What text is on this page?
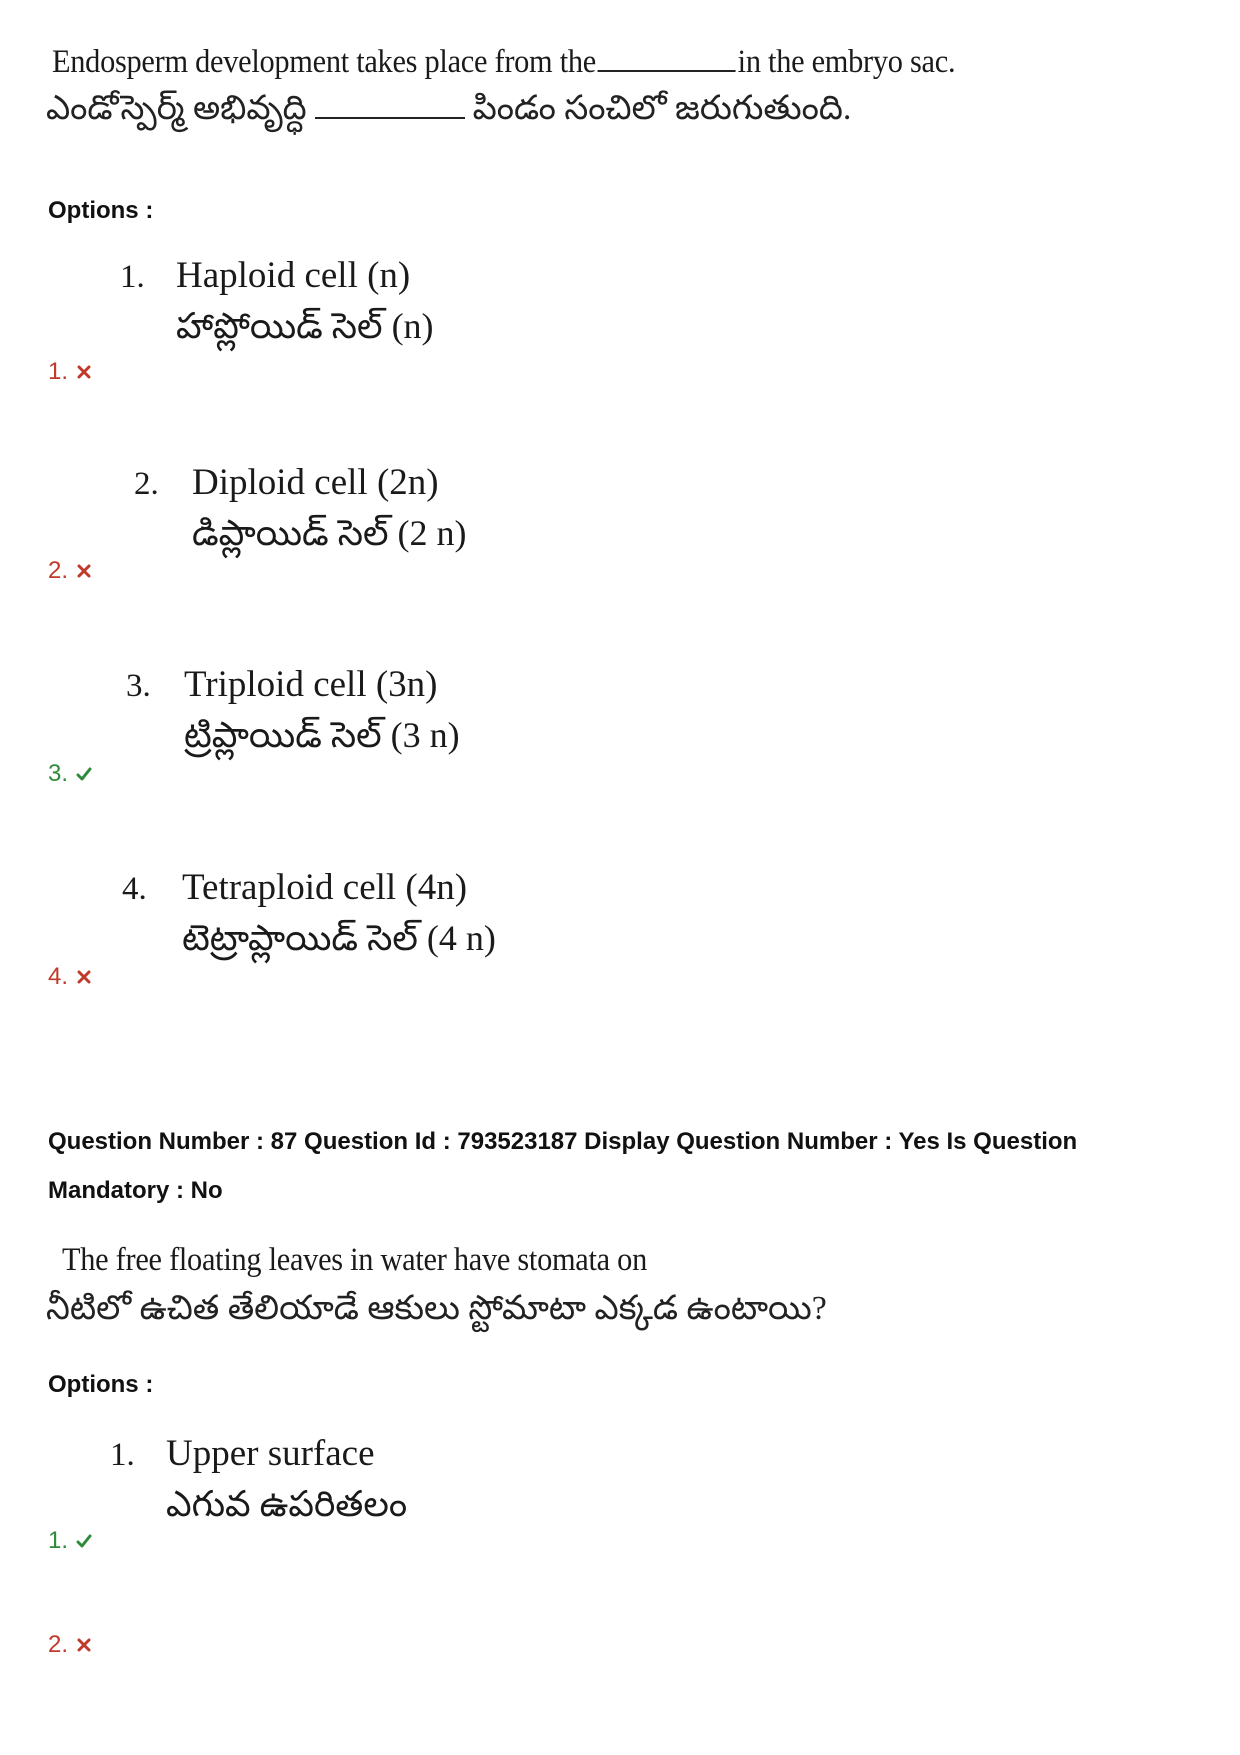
Endosperm development takes place from the	in the embryo sac.
ఎండోస్పెర్మ్ అభివృద్ధి	పిండం సంచిలో జరుగుతుంది.
Options :
1. Haploid cell (n)
హాప్లోయిడ్ సెల్ (n)
1.
2. Diploid cell (2n)
డిప్లాయిడ్ సెల్ (2 n)
2.
3. Triploid cell (3n)
ట్రిప్లాయిడ్ సెల్ (3 n)
3.
4. Tetraploid cell (4n)
టెట్రాప్లాయిడ్ సెల్ (4 n)
4.
Question Number : 87 Question Id : 793523187 Display Question Number : Yes Is Question
Mandatory : No
The free floating leaves in water have stomata on
నీటిలో ఉచిత తేలియాడే ఆకులు స్టోమాటా ఎక్కడ ఉంటాయి?
Options :
1. Upper surface
ఎగువ ఉపరితలం
1.
2.
